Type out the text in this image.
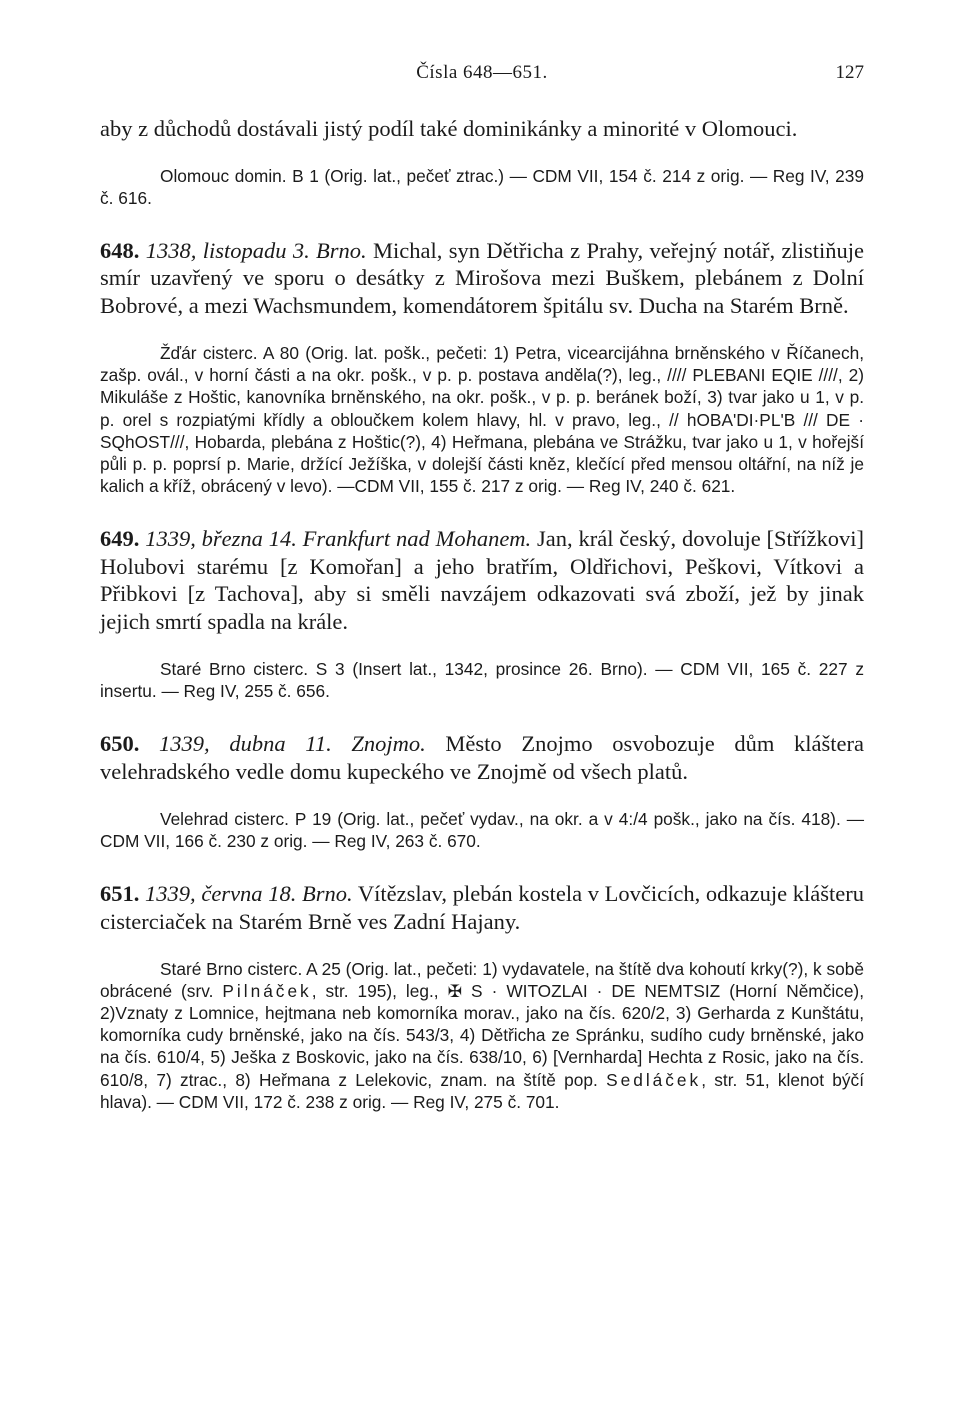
Čísla 648—651.	127

aby z důchodů dostávali jistý podíl také dominikánky a minorité v Olomouci.

Olomouc domin. B 1 (Orig. lat., pečeť ztrac.) — CDM VII, 154 č. 214 z orig. — Reg IV, 239 č. 616.

648. 1338, listopadu 3. Brno. Michal, syn Dětřicha z Prahy, veřejný notář, zlistiňuje smír uzavřený ve sporu o desátky z Mirošova mezi Buškem, plebánem z Dolní Bobrové, a mezi Wachsmundem, komendátorem špitálu sv. Ducha na Starém Brně.

Žďár cisterc. A 80 (Orig. lat. pošk., pečeti: 1) Petra, vicearcijáhna brněnského v Říčanech, zašp. ovál., v horní části a na okr. pošk., v p. p. postava anděla(?), leg., //// PLEBANI EQIE ////, 2) Mikuláše z Hoštic, kanovníka brněnského, na okr. pošk., v p. p. beránek boží, 3) tvar jako u 1, v p. p. orel s rozpiatými křídly a obloučkem kolem hlavy, hl. v pravo, leg., // hOBA'DI·PL'B /// DE · SQhOST///, Hobarda, plebána z Hoštic(?), 4) Heřmana, plebána ve Strážku, tvar jako u 1, v hořejší půli p. p. poprsí p. Marie, držící Ježíška, v dolejší části kněz, klečící před mensou oltářní, na níž je kalich a kříž, obrácený v levo). —CDM VII, 155 č. 217 z orig. — Reg IV, 240 č. 621.

649. 1339, března 14. Frankfurt nad Mohanem. Jan, král český, dovoluje [Střížkovi] Holubovi starému [z Komořan] a jeho bratřím, Oldřichovi, Peškovi, Vítkovi a Přibkovi [z Tachova], aby si směli navzájem odkazovati svá zboží, jež by jinak jejich smrtí spadla na krále.

Staré Brno cisterc. S 3 (Insert lat., 1342, prosince 26. Brno). — CDM VII, 165 č. 227 z insertu. — Reg IV, 255 č. 656.

650. 1339, dubna 11. Znojmo. Město Znojmo osvobozuje dům kláštera velehradského vedle domu kupeckého ve Znojmě od všech platů.

Velehrad cisterc. P 19 (Orig. lat., pečeť vydav., na okr. a v 4:/4 pošk., jako na čís. 418). — CDM VII, 166 č. 230 z orig. — Reg IV, 263 č. 670.

651. 1339, června 18. Brno. Vítězslav, plebán kostela v Lovčicích, odkazuje klášteru cisterciaček na Starém Brně ves Zadní Hajany.

Staré Brno cisterc. A 25 (Orig. lat., pečeti: 1) vydavatele, na štítě dva kohoutí krky(?), k sobě obrácené (srv. Pilnáček, str. 195), leg., ✠ S · WITOZLAI · DE NEMTSIZ (Horní Němčice), 2)Vznaty z Lomnice, hejtmana neb komorníka morav., jako na čís. 620/2, 3) Gerharda z Kunštátu, komorníka cudy brněnské, jako na čís. 543/3, 4) Dětřicha ze Spránku, sudího cudy brněnské, jako na čís. 610/4, 5) Ješka z Boskovic, jako na čís. 638/10, 6) [Vernharda] Hechta z Rosic, jako na čís. 610/8, 7) ztrac., 8) Heřmana z Lelekovic, znam. na štítě pop. Sedláček, str. 51, klenot býčí hlava). — CDM VII, 172 č. 238 z orig. — Reg IV, 275 č. 701.
